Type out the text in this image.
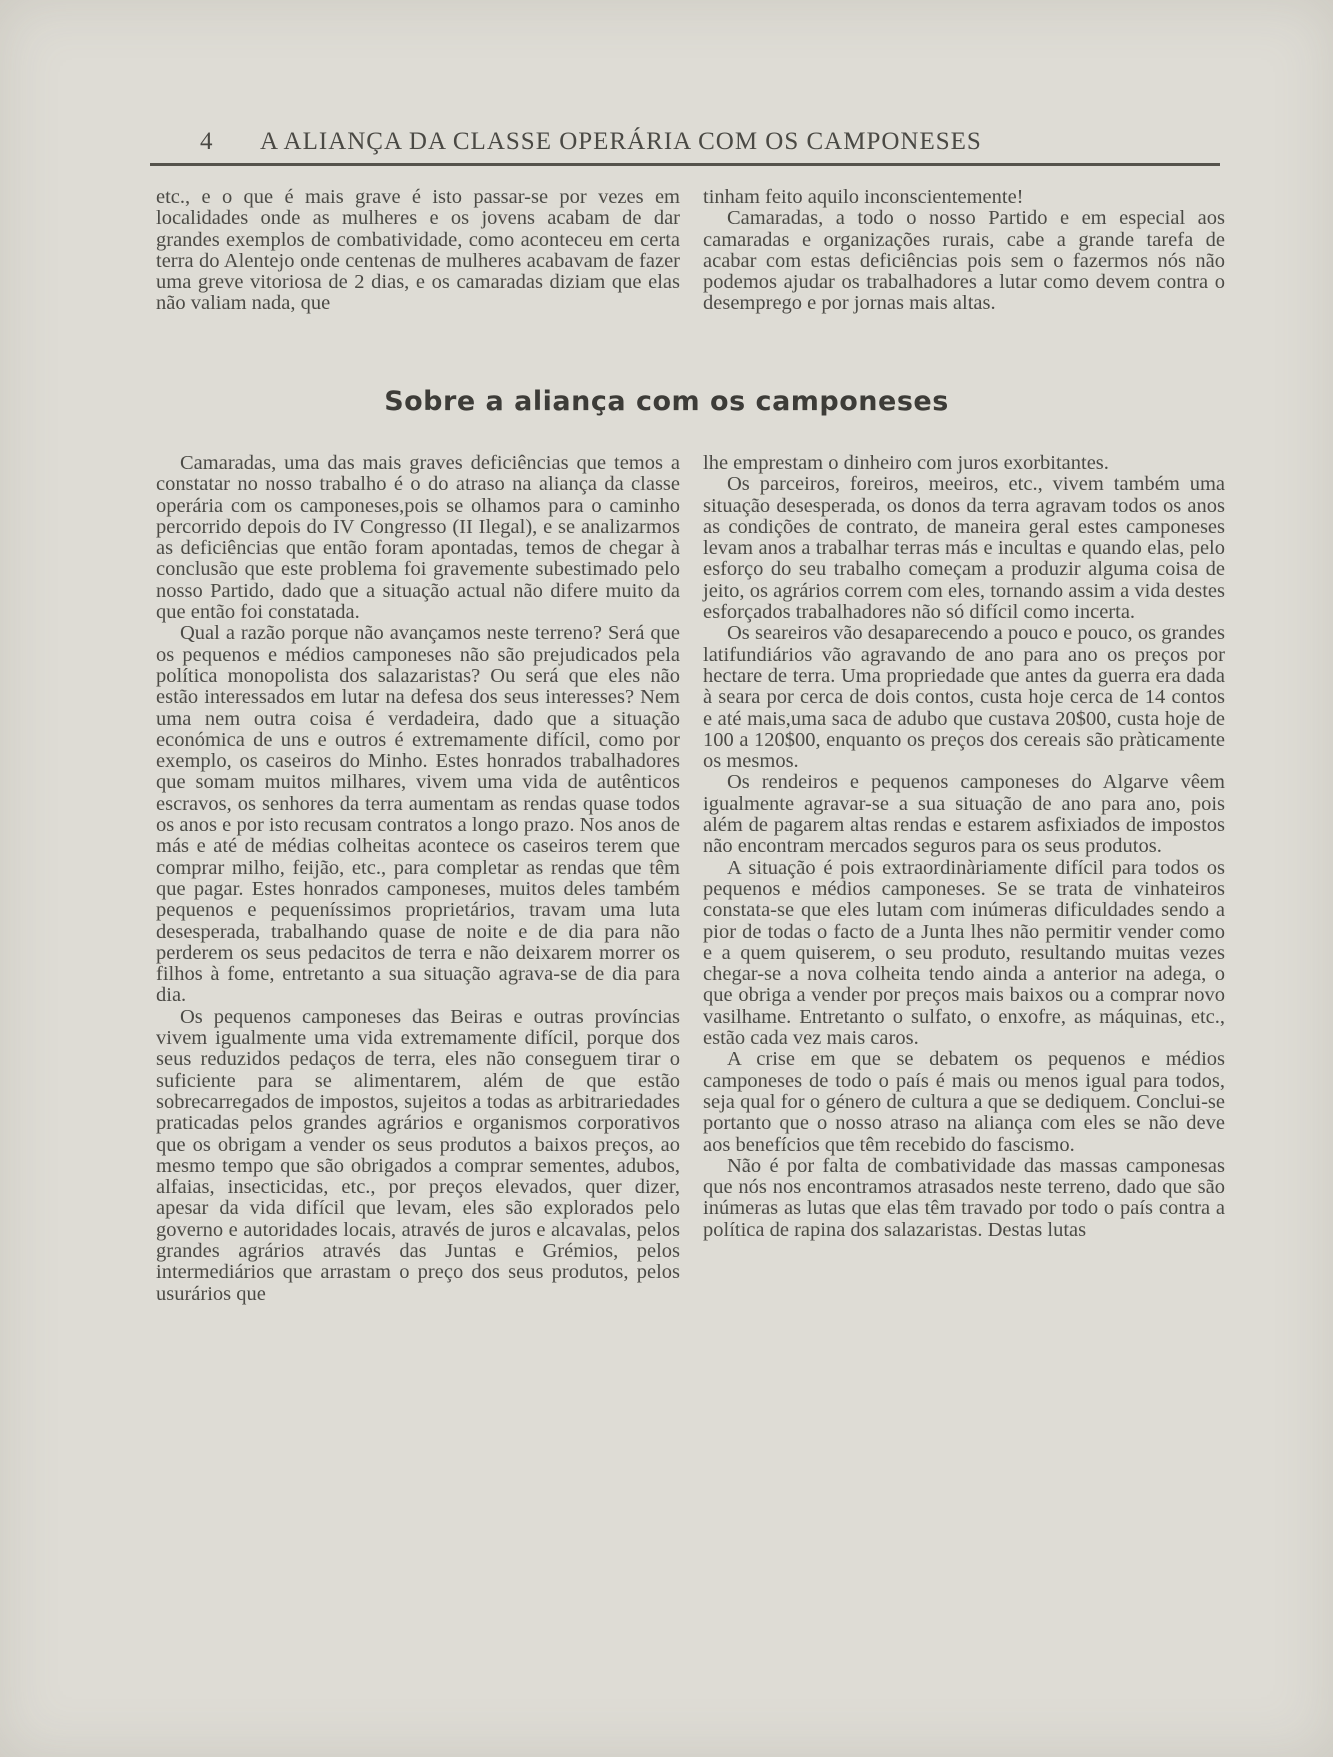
4 A ALIANÇA DA CLASSE OPERÁRIA COM OS CAMPONESES

etc., e o que é mais grave é isto passar-se por vezes em localidades onde as mulheres e os jovens acabam de dar grandes exemplos de combatividade, como aconteceu em certa terra do Alentejo onde centenas de mulheres acabavam de fazer uma greve vitoriosa de 2 dias, e os camaradas diziam que elas não valiam nada, que

tinham feito aquilo inconscientemente!

Camaradas, a todo o nosso Partido e em especial aos camaradas e organizações rurais, cabe a grande tarefa de acabar com estas deficiências pois sem o fazermos nós não podemos ajudar os trabalhadores a lutar como devem contra o desemprego e por jornas mais altas.

Sobre a aliança com os camponeses

Camaradas, uma das mais graves deficiências que temos a constatar no nosso trabalho é o do atraso na aliança da classe operária com os camponeses,pois se olhamos para o caminho percorrido depois do IV Congresso (II Ilegal), e se analizarmos as deficiências que então foram apontadas, temos de chegar à conclusão que este problema foi gravemente subestimado pelo nosso Partido, dado que a situação actual não difere muito da que então foi constatada.

Qual a razão porque não avançamos neste terreno? Será que os pequenos e médios camponeses não são prejudicados pela política monopolista dos salazaristas? Ou será que eles não estão interessados em lutar na defesa dos seus interesses? Nem uma nem outra coisa é verdadeira, dado que a situação económica de uns e outros é extremamente difícil, como por exemplo, os caseiros do Minho. Estes honrados trabalhadores que somam muitos milhares, vivem uma vida de autênticos escravos, os senhores da terra aumentam as rendas quase todos os anos e por isto recusam contratos a longo prazo. Nos anos de más e até de médias colheitas acontece os caseiros terem que comprar milho, feijão, etc., para completar as rendas que têm que pagar. Estes honrados camponeses, muitos deles também pequenos e pequeníssimos proprietários, travam uma luta desesperada, trabalhando quase de noite e de dia para não perderem os seus pedacitos de terra e não deixarem morrer os filhos à fome, entretanto a sua situação agrava-se de dia para dia.

Os pequenos camponeses das Beiras e outras províncias vivem igualmente uma vida extremamente difícil, porque dos seus reduzidos pedaços de terra, eles não conseguem tirar o suficiente para se alimentarem, além de que estão sobrecarregados de impostos, sujeitos a todas as arbitrariedades praticadas pelos grandes agrários e organismos corporativos que os obrigam a vender os seus produtos a baixos preços, ao mesmo tempo que são obrigados a comprar sementes, adubos, alfaias, insecticidas, etc., por preços elevados, quer dizer, apesar da vida difícil que levam, eles são explorados pelo governo e autoridades locais, através de juros e alcavalas, pelos grandes agrários através das Juntas e Grémios, pelos intermediários que arrastam o preço dos seus produtos, pelos usurários que

lhe emprestam o dinheiro com juros exorbitantes.

Os parceiros, foreiros, meeiros, etc., vivem também uma situação desesperada, os donos da terra agravam todos os anos as condições de contrato, de maneira geral estes camponeses levam anos a trabalhar terras más e incultas e quando elas, pelo esforço do seu trabalho começam a produzir alguma coisa de jeito, os agrários correm com eles, tornando assim a vida destes esforçados trabalhadores não só difícil como incerta.

Os seareiros vão desaparecendo a pouco e pouco, os grandes latifundiários vão agravando de ano para ano os preços por hectare de terra. Uma propriedade que antes da guerra era dada à seara por cerca de dois contos, custa hoje cerca de 14 contos e até mais,uma saca de adubo que custava 20$00, custa hoje de 100 a 120$00, enquanto os preços dos cereais são pràticamente os mesmos.

Os rendeiros e pequenos camponeses do Algarve vêem igualmente agravar-se a sua situação de ano para ano, pois além de pagarem altas rendas e estarem asfixiados de impostos não encontram mercados seguros para os seus produtos.

A situação é pois extraordinàriamente difícil para todos os pequenos e médios camponeses. Se se trata de vinhateiros constata-se que eles lutam com inúmeras dificuldades sendo a pior de todas o facto de a Junta lhes não permitir vender como e a quem quiserem, o seu produto, resultando muitas vezes chegar-se a nova colheita tendo ainda a anterior na adega, o que obriga a vender por preços mais baixos ou a comprar novo vasilhame. Entretanto o sulfato, o enxofre, as máquinas, etc., estão cada vez mais caros.

A crise em que se debatem os pequenos e médios camponeses de todo o país é mais ou menos igual para todos, seja qual for o género de cultura a que se dediquem. Conclui-se portanto que o nosso atraso na aliança com eles se não deve aos benefícios que têm recebido do fascismo.

Não é por falta de combatividade das massas camponesas que nós nos encontramos atrasados neste terreno, dado que são inúmeras as lutas que elas têm travado por todo o país contra a política de rapina dos salazaristas. Destas lutas
